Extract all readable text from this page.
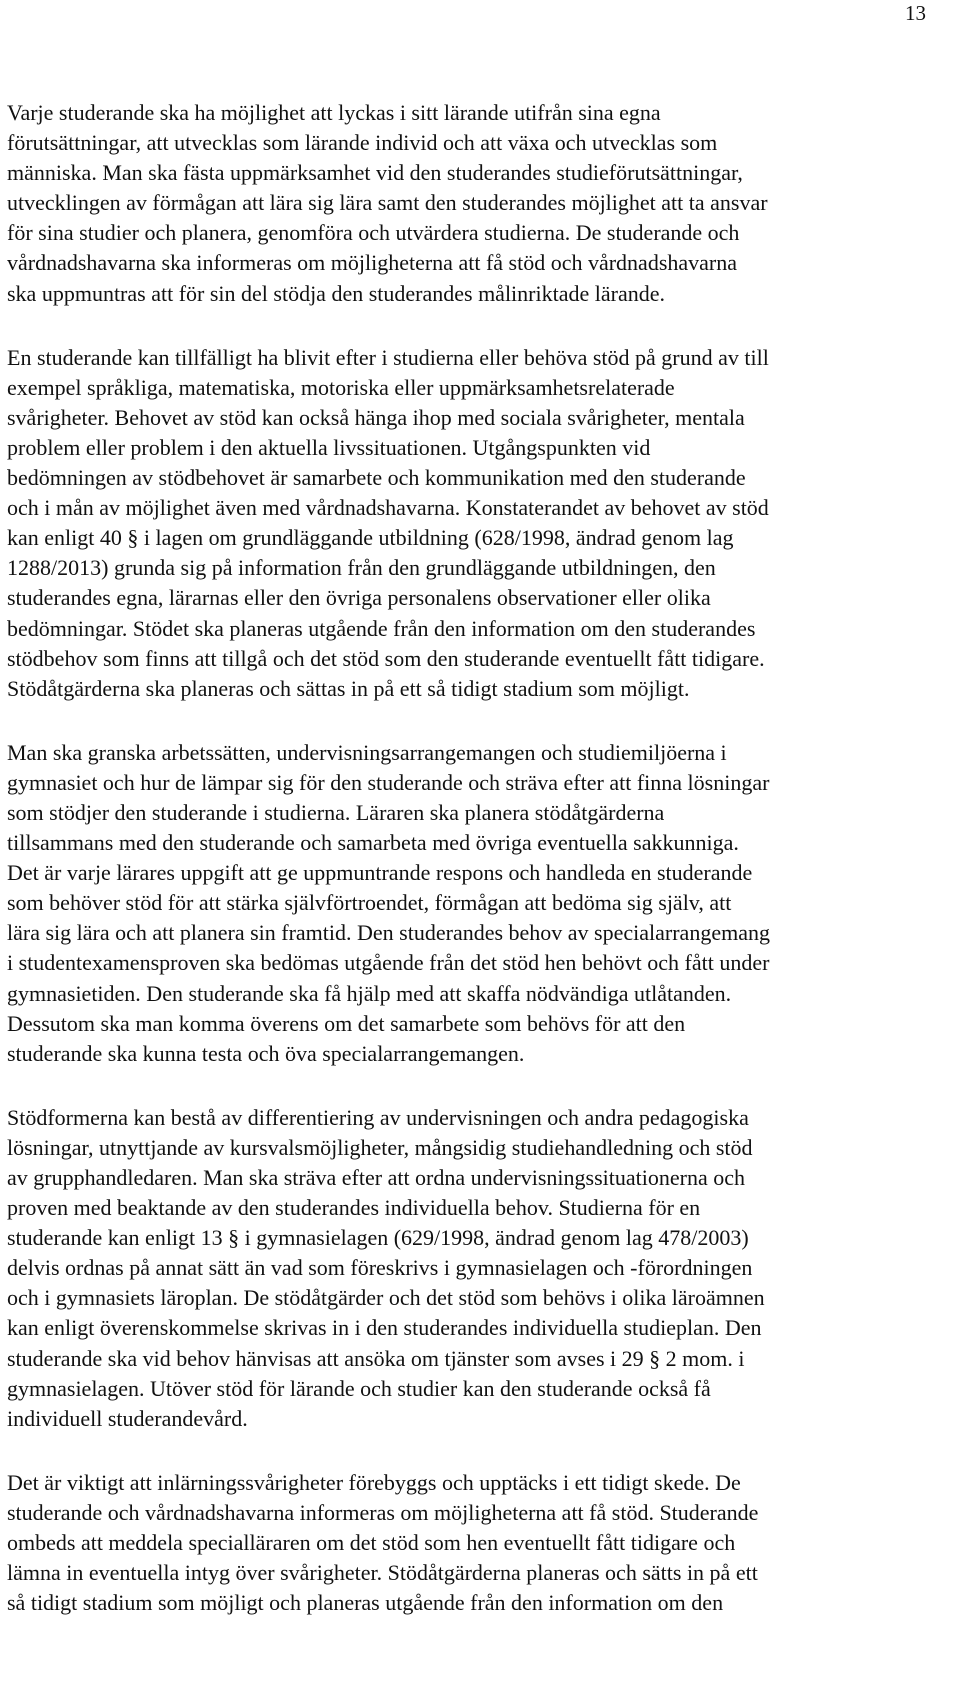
13

Varje studerande ska ha möjlighet att lyckas i sitt lärande utifrån sina egna
förutsättningar, att utvecklas som lärande individ och att växa och utvecklas som
människa. Man ska fästa uppmärksamhet vid den studerandes studieförutsättningar,
utvecklingen av förmågan att lära sig lära samt den studerandes möjlighet att ta ansvar
för sina studier och planera, genomföra och utvärdera studierna. De studerande och
vårdnadshavarna ska informeras om möjligheterna att få stöd och vårdnadshavarna
ska uppmuntras att för sin del stödja den studerandes målinriktade lärande.

En studerande kan tillfälligt ha blivit efter i studierna eller behöva stöd på grund av till
exempel språkliga, matematiska, motoriska eller uppmärksamhetsrelaterade
svårigheter. Behovet av stöd kan också hänga ihop med sociala svårigheter, mentala
problem eller problem i den aktuella livssituationen. Utgångspunkten vid
bedömningen av stödbehovet är samarbete och kommunikation med den studerande
och i mån av möjlighet även med vårdnadshavarna. Konstaterandet av behovet av stöd
kan enligt 40 § i lagen om grundläggande utbildning (628/1998, ändrad genom lag
1288/2013) grunda sig på information från den grundläggande utbildningen, den
studerandes egna, lärarnas eller den övriga personalens observationer eller olika
bedömningar. Stödet ska planeras utgående från den information om den studerandes
stödbehov som finns att tillgå och det stöd som den studerande eventuellt fått tidigare.
Stödåtgärderna ska planeras och sättas in på ett så tidigt stadium som möjligt.

Man ska granska arbetssätten, undervisningsarrangemangen och studiemiljöerna i
gymnasiet och hur de lämpar sig för den studerande och sträva efter att finna lösningar
som stödjer den studerande i studierna. Läraren ska planera stödåtgärderna
tillsammans med den studerande och samarbeta med övriga eventuella sakkunniga.
Det är varje lärares uppgift att ge uppmuntrande respons och handleda en studerande
som behöver stöd för att stärka självförtroendet, förmågan att bedöma sig själv, att
lära sig lära och att planera sin framtid. Den studerandes behov av specialarrangemang
i studentexamensproven ska bedömas utgående från det stöd hen behövt och fått under
gymnasietiden. Den studerande ska få hjälp med att skaffa nödvändiga utlåtanden.
Dessutom ska man komma överens om det samarbete som behövs för att den
studerande ska kunna testa och öva specialarrangemangen.

Stödformerna kan bestå av differentiering av undervisningen och andra pedagogiska
lösningar, utnyttjande av kursvalsmöjligheter, mångsidig studiehandledning och stöd
av grupphandledaren. Man ska sträva efter att ordna undervisningssituationerna och
proven med beaktande av den studerandes individuella behov. Studierna för en
studerande kan enligt 13 § i gymnasielagen (629/1998, ändrad genom lag 478/2003)
delvis ordnas på annat sätt än vad som föreskrivs i gymnasielagen och -förordningen
och i gymnasiets läroplan. De stödåtgärder och det stöd som behövs i olika läroämnen
kan enligt överenskommelse skrivas in i den studerandes individuella studieplan. Den
studerande ska vid behov hänvisas att ansöka om tjänster som avses i 29 § 2 mom. i
gymnasielagen. Utöver stöd för lärande och studier kan den studerande också få
individuell studerandevård.

Det är viktigt att inlärningssvårigheter förebyggs och upptäcks i ett tidigt skede. De
studerande och vårdnadshavarna informeras om möjligheterna att få stöd. Studerande
ombeds att meddela specialläraren om det stöd som hen eventuellt fått tidigare och
lämna in eventuella intyg över svårigheter. Stödåtgärderna planeras och sätts in på ett
så tidigt stadium som möjligt och planeras utgående från den information om den
